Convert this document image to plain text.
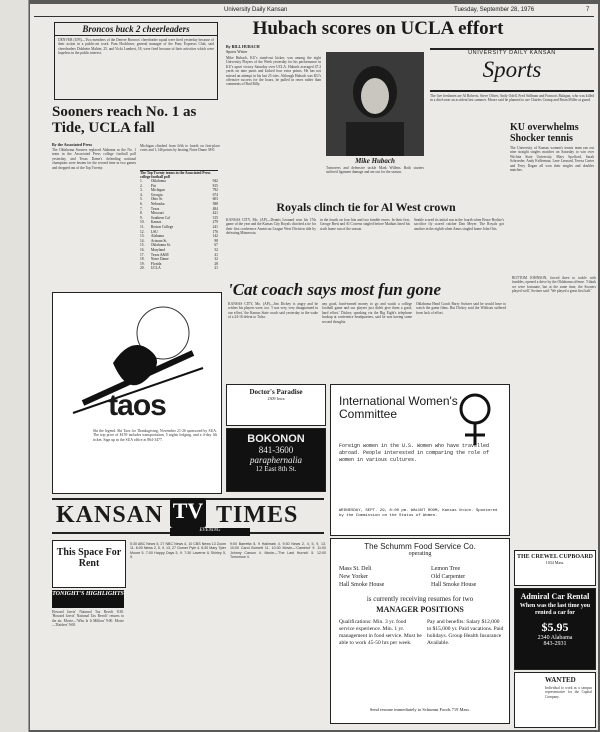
University Daily Kansan	Tuesday, September 28, 1976	7
Broncos buck 2 cheerleaders
DENVER (UPI)—Two members of the Denver Broncos' cheerleader squad were fired yesterday because of their action in a public-art work. Pam Hockhiser, general manager of the Pony Expresss Club, said cheerleaders Dobbette Mahier, 25, and Vicki Lambert, 18, were fired because of their activities which were hopeless in the public interest.
Hubach scores on UCLA effort
UNIVERSITY DAILY KANSAN
Sports
By BILL HUBACH
Sports Writer
Mike Hubach, KU's stand-out kicker, was among the eight University Players of the Week yesterday for his performance in KU's upset victory Saturday over UCLA. Hubach averaged 47.2 yards on nine punts and kicked four extra points. He has not missed an attempt in his last 25 tries. Although Hubach was KU's offensive success for the hours, he pulled in raves rather than comments of Bud Rilly.
Mike Hubach
Turnovers and defensive tackle Mark Willens. Both starters suffered ligament damage and are out for the season.
The five freshmen are Al Roberts, Steve Oliver, Andy Odell, Fred Stillman and Francois Balagan, who was killed in a ditch near an accident last summer. Moore said he planned to use Charles Crump and Brian Miller at guard.
KU overwhelms Shocker tennis
The University of Kansas women's tennis team ran out nine straight singles matches on Saturday to win over Wichita State University. Mary Spofford, Sarah Schroeder, Andy Kellerman, Lene Leonard, Teresa Carter and Terry Dagan all won their singles and doubles matches.
Sooners reach No. 1 as Tide, UCLA fall
By the Associated Press
The Oklahoma Sooners replaced Alabama as the No. 1 team in the Associated Press college football poll yesterday, and Texas Dame's defending national champions were beaten for the second time in two games and dropped out of the Top Twenty.
Michigan climbed from fifth to fourth on first-place votes and 1,146 points by beating Notre Dame 38-0.
The Top Twenty teams in the Associated Press college football poll
1.	Oklahoma	942
2.	Pitt	815
3.	Michigan	792
4.	Georgia	674
5.	Ohio St.	603
6.	Nebraska	588
7.	Texas	484
8.	Missouri	421
9.	Southern Cal	315
10.	Kansas	279
11.	Boston College	241
12.	LSU	176
13.	Alabama	142
14.	Arizona St.	98
15.	Oklahoma St.	67
16.	Maryland	52
17.	Texas A&M	41
18.	Notre Dame	32
19.	Florida	28
20.	UCLA	21
Royals clinch tie for Al West crown
KANSAS CITY, Mo. (AP)—Dennis Leonard won his 17th game of the year and the Kansas City Royals clinched a tie for their first conference American League West Division title by defeating Minnesota.
in the fourth on four hits and two fumble errors. In their first, George Brett and Al Cowens singled before Mathias lined his sixth home run of the season.
Seattle scored its initial run in the fourth when Bruce Bochte's sacrifice fly scored catcher Dan Meyer. The Royals got another in the eighth when Amos singled home John Otis.
taos
Ski the legend. Ski Taos for Thanksgiving, November 21-26 sponsored by SUA. The trip price of $159 includes transportation, 5 nights lodging, and a 4-day lift ticket. Sign up in the SUA office at 864-3477.
'Cat coach says most fun gone
KANSAS CITY, Mo. (AP)—Jim Dickey is angry and he wishes his players were, too. 'I was very, very disappointed in our effort,' the Kansas State coach said yesterday in the wake of a 24-16 defeat to Tulsa.
any good, hard-earned money to go and watch a college football game and our players just didn't give them a good, hard effort.' Dickey, speaking via the Big Eight's telephone hookup at conference headquarters, said he was having some second thoughts.
Oklahoma Head Coach Barry Switzer said he would have to watch the game films. But Dickey said the Wildcats suffered from lack of effort.
BOTTOM JOHNSON, forced three to tackle with fumbles, opened a drive by the Oklahoma offense. 'I think we were fortunate, but at the same time, the Sooners played well,' Switzer said. 'We played a great first half.'
Doctor's Paradise
2309 Iowa
BOKONON
841-3600
paraphernalia
12 East 8th St.
International Women's Committee
Foreign women in the U.S. Women who have travelled abroad. People interested in comparing the role of women in various cultures.
WEDNESDAY, SEPT. 29, 8:00 pm. WALNUT ROOM, Kansas Union. Sponsored by the Commission on the Status of Women.
KANSAN TV TIMES
EVENING
This Space For Rent
TONIGHT'S HIGHLIGHTS
Howard Jarvis' National Tax Revolt 8:30. 'Howard Jarvis' National Tax Revolt' returns to the air. Movie—'Who Is It Million' 9:00. Movie—'Raiders' 9:00.
5:30 ABC News 5, 27 NBC News 4, 10 CBS News 13 Zoom 11. 6:00 News 2, 5, 9, 13, 27 Gomer Pyle 4. 6:30 Mary Tyler Moore 5. 7:00 Happy Days 5, 9. 7:30 Laverne & Shirley 5, 9.
9:00 Barretta 5, 9 Hallmark 4. 9:30 News 2, 4, 5, 9, 13. 10:00 Carol Burnett 11. 10:30 Movie—'Camelot' 9. 11:00 Johnny Carson 4. Movie—'The Last Hurrah' 5. 12:00 Tomorrow 4.
The Schumm Food Service Co.
operating
Mass St. Deli
New Yorker
Hall Smoke House
Lemon Tree
Old Carpenter
Hall Smoke House
is currently receiving resumes for two
MANAGER POSITIONS
Qualifications: Min. 3 yr. food service experience. Min. 1 yr. management in food service. Must be able to work 45-50 hrs per week.
Pay and benefits: Salary $12,000 to $15,000 yr. Paid vacations. Paid holidays. Group Health Insurance Available.
Send resume immediately to Schumm Foods 719 Mass.
THE CREWEL CUPBOARD
1034 Mass.
Admiral Car Rental
When was the last time you rented a car for
$5.95
2340 Alabama
843-2931
WANTED
Individual to work as a campus representative for the Capital Company.
